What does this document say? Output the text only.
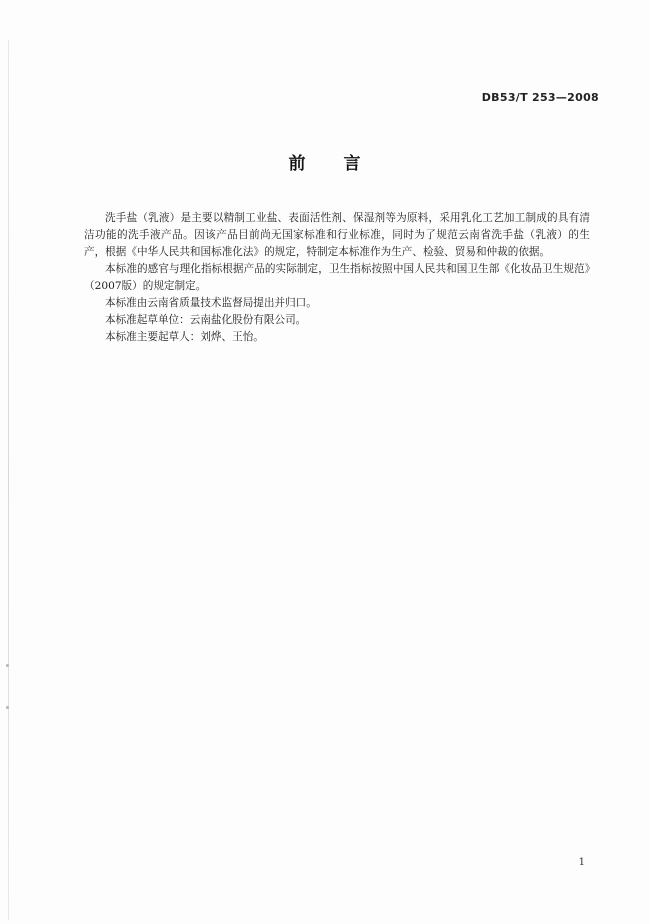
DB53/T 253—2008
前言

洗手盐（乳液）是主要以精制工业盐、表面活性剂、保湿剂等为原料，采用乳化工艺加工制成的具有清洁功能的洗手液产品。因该产品目前尚无国家标准和行业标准，同时为了规范云南省洗手盐（乳液）的生产，根据《中华人民共和国标准化法》的规定，特制定本标准作为生产、检验、贸易和仲裁的依据。

本标准的感官与理化指标根据产品的实际制定，卫生指标按照中国人民共和国卫生部《化妆品卫生规范》（2007版）的规定制定。

本标准由云南省质量技术监督局提出并归口。

本标准起草单位：云南盐化股份有限公司。

本标准主要起草人：刘烨、王怡。

1
